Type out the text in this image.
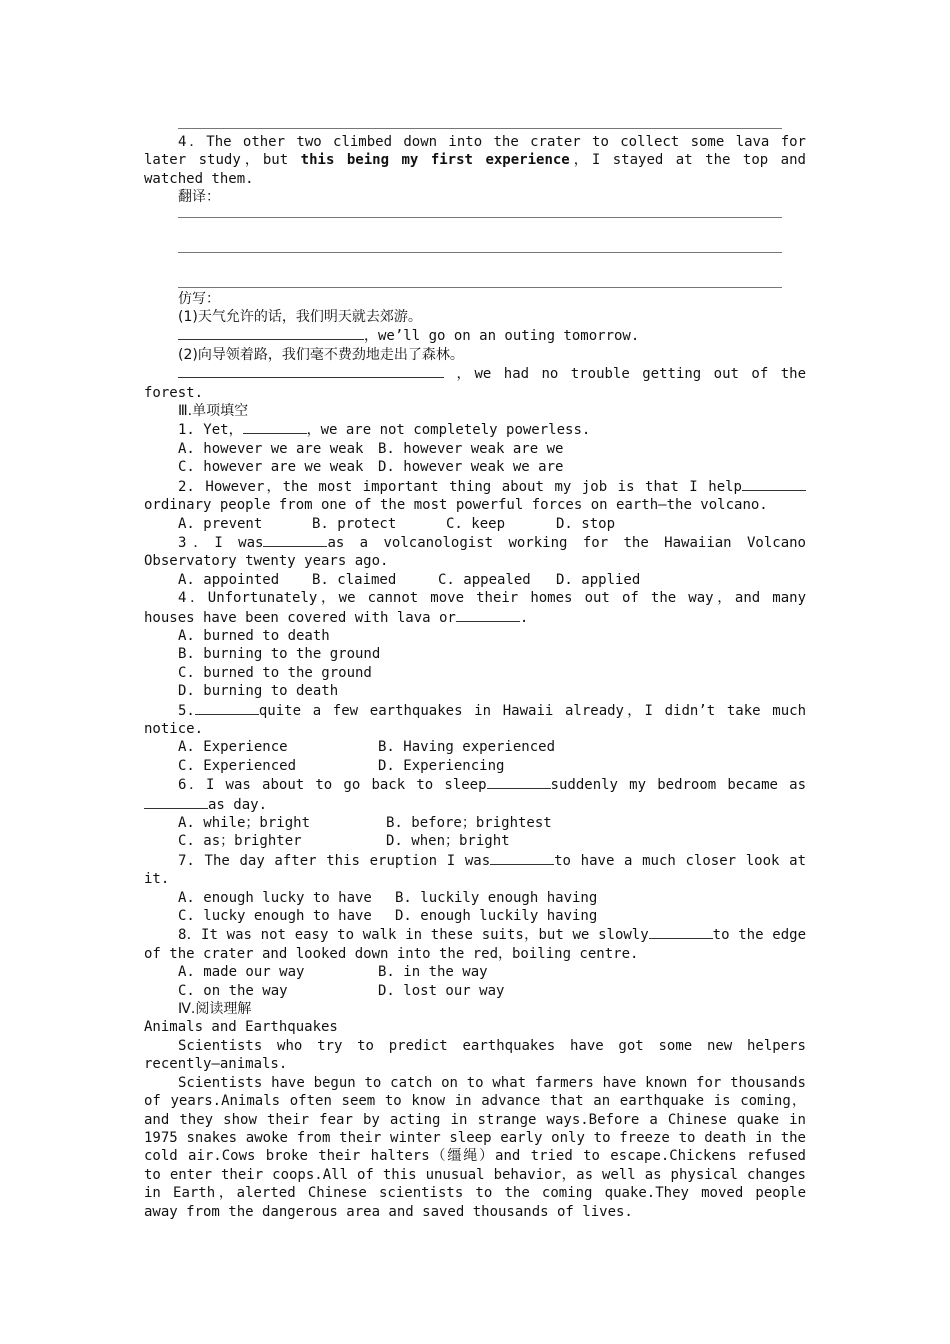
4．The other two climbed down into the crater to collect some lava for later study，but this being my first experience，I stayed at the top and watched them.

翻译：

仿写：

(1)天气允许的话，我们明天就去郊游。

，we’ll go on an outing tomorrow.

(2)向导领着路，我们毫不费劲地走出了森林。

，we had no trouble getting out of the forest.

Ⅲ.单项填空

1. Yet，	，we are not completely powerless.

A. however we are weak B. however weak are we

C. however are we weak D. however weak we are

2. However，the most important thing about my job is that I helpordinary people from one of the most powerful forces on earth—the volcano.

A. prevent	B. protect	C. keep	D. stop

3．I was	as a volcanologist working for the Hawaiian Volcano Observatory twenty years ago.

A. appointed B. claimed	C. appealed D. applied

4．Unfortunately，we cannot move their homes out of the way，and many houses have been covered with lava or	.

A. burned to death

B. burning to the ground

C. burned to the ground

D. burning to death

5.	quite a few earthquakes in Hawaii already，I didn’t take much notice.

A. Experience	B. Having experienced

C. Experienced	D. Experiencing

6．I was about to go back to sleep	suddenly my bedroom became asas day.

A. while；bright	B. before；brightest

C. as；brighter	D. when；bright

7. The day after this eruption I was	to have a much closer look at it.

A. enough lucky to have B. luckily enough having

C. lucky enough to have D. enough luckily having

8．It was not easy to walk in these suits，but we slowly	to the edge of the crater and looked down into the red，boiling centre.

A. made our way	B. in the way

C. on the way	D. lost our way

Ⅳ.阅读理解

Animals and Earthquakes

Scientists who try to predict earthquakes have got some new helpers recently—animals.

Scientists have begun to catch on to what farmers have known for thousands of years.Animals often seem to know in advance that an earthquake is coming，and they show their fear by acting in strange ways.Before a Chinese quake in 1975 snakes awoke from their winter sleep early only to freeze to death in the cold air.Cows broke their halters（缰绳）and tried to escape.Chickens refused to enter their coops.All of this unusual behavior，as well as physical changes in Earth，alerted Chinese scientists to the coming quake.They moved people away from the dangerous area and saved thousands of lives.
